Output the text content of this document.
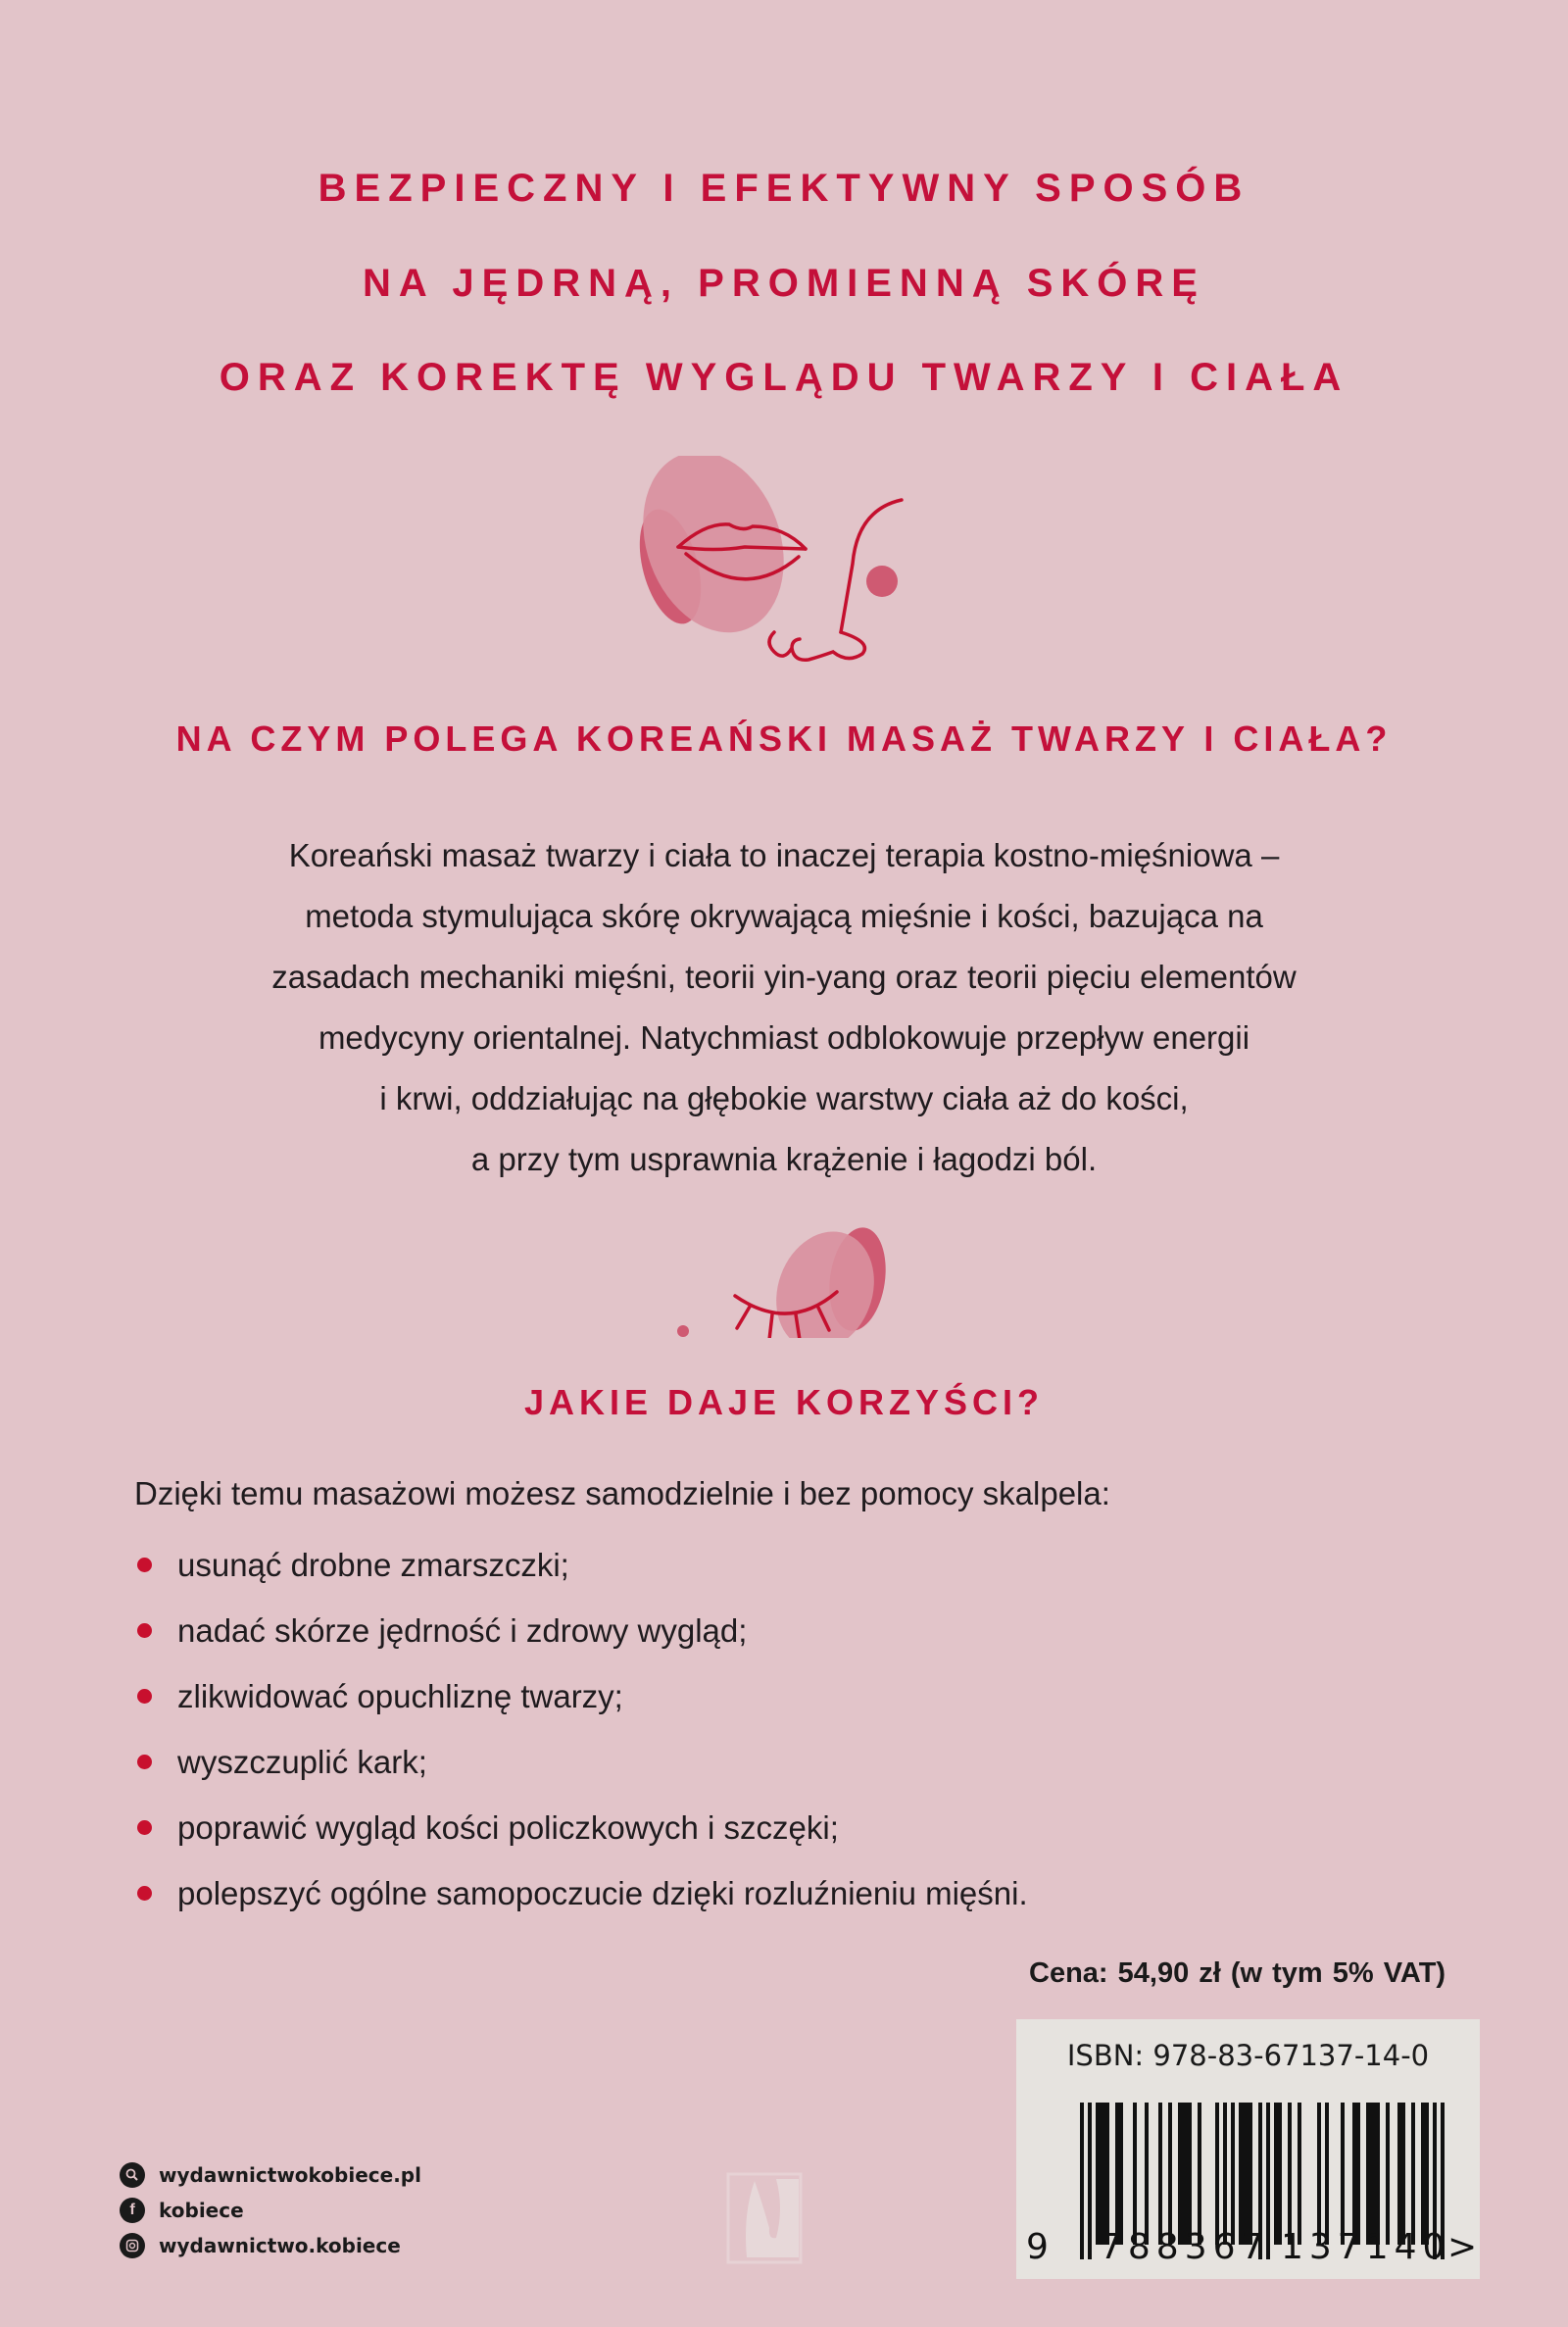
BEZPIECZNY I EFEKTYWNY SPOSÓB
NA JĘDRNĄ, PROMIENNĄ SKÓRĘ
ORAZ KOREKTĘ WYGLĄDU TWARZY I CIAŁA
NA CZYM POLEGA KOREAŃSKI MASAŻ TWARZY I CIAŁA?
Koreański masaż twarzy i ciała to inaczej terapia kostno-mięśniowa –
metoda stymulująca skórę okrywającą mięśnie i kości, bazująca na
zasadach mechaniki mięśni, teorii yin-yang oraz teorii pięciu elementów
medycyny orientalnej. Natychmiast odblokowuje przepływ energii
i krwi, oddziałując na głębokie warstwy ciała aż do kości,
a przy tym usprawnia krążenie i łagodzi ból.
JAKIE DAJE KORZYŚCI?
Dzięki temu masażowi możesz samodzielnie i bez pomocy skalpela:
usunąć drobne zmarszczki;
nadać skórze jędrność i zdrowy wygląd;
zlikwidować opuchliznę twarzy;
wyszczuplić kark;
poprawić wygląd kości policzkowych i szczęki;
polepszyć ogólne samopoczucie dzięki rozluźnieniu mięśni.
Cena: 54,90 zł (w tym 5% VAT)
ISBN: 978-83-67137-14-0
9 788367 137140
>
wydawnictwokobiece.pl
f kobiece
wydawnictwo.kobiece
